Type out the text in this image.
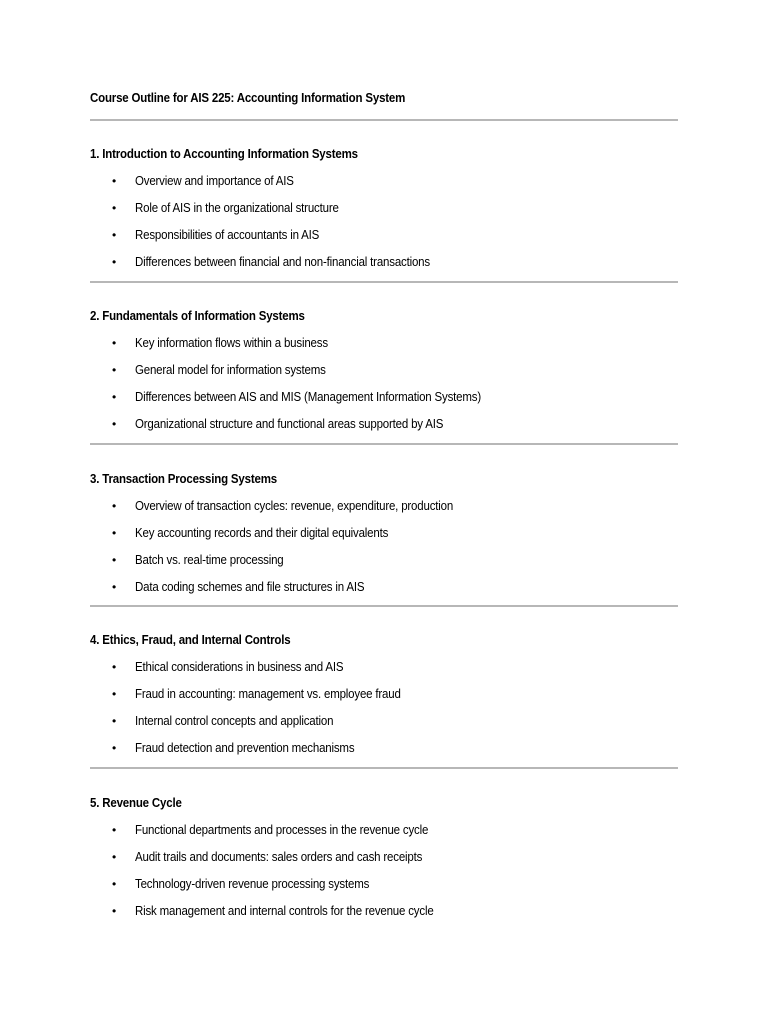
Course Outline for AIS 225: Accounting Information System
1. Introduction to Accounting Information Systems
• Overview and importance of AIS
• Role of AIS in the organizational structure
• Responsibilities of accountants in AIS
• Differences between financial and non-financial transactions
2. Fundamentals of Information Systems
• Key information flows within a business
• General model for information systems
• Differences between AIS and MIS (Management Information Systems)
• Organizational structure and functional areas supported by AIS
3. Transaction Processing Systems
• Overview of transaction cycles: revenue, expenditure, production
• Key accounting records and their digital equivalents
• Batch vs. real-time processing
• Data coding schemes and file structures in AIS
4. Ethics, Fraud, and Internal Controls
• Ethical considerations in business and AIS
• Fraud in accounting: management vs. employee fraud
• Internal control concepts and application
• Fraud detection and prevention mechanisms
5. Revenue Cycle
• Functional departments and processes in the revenue cycle
• Audit trails and documents: sales orders and cash receipts
• Technology-driven revenue processing systems
• Risk management and internal controls for the revenue cycle
